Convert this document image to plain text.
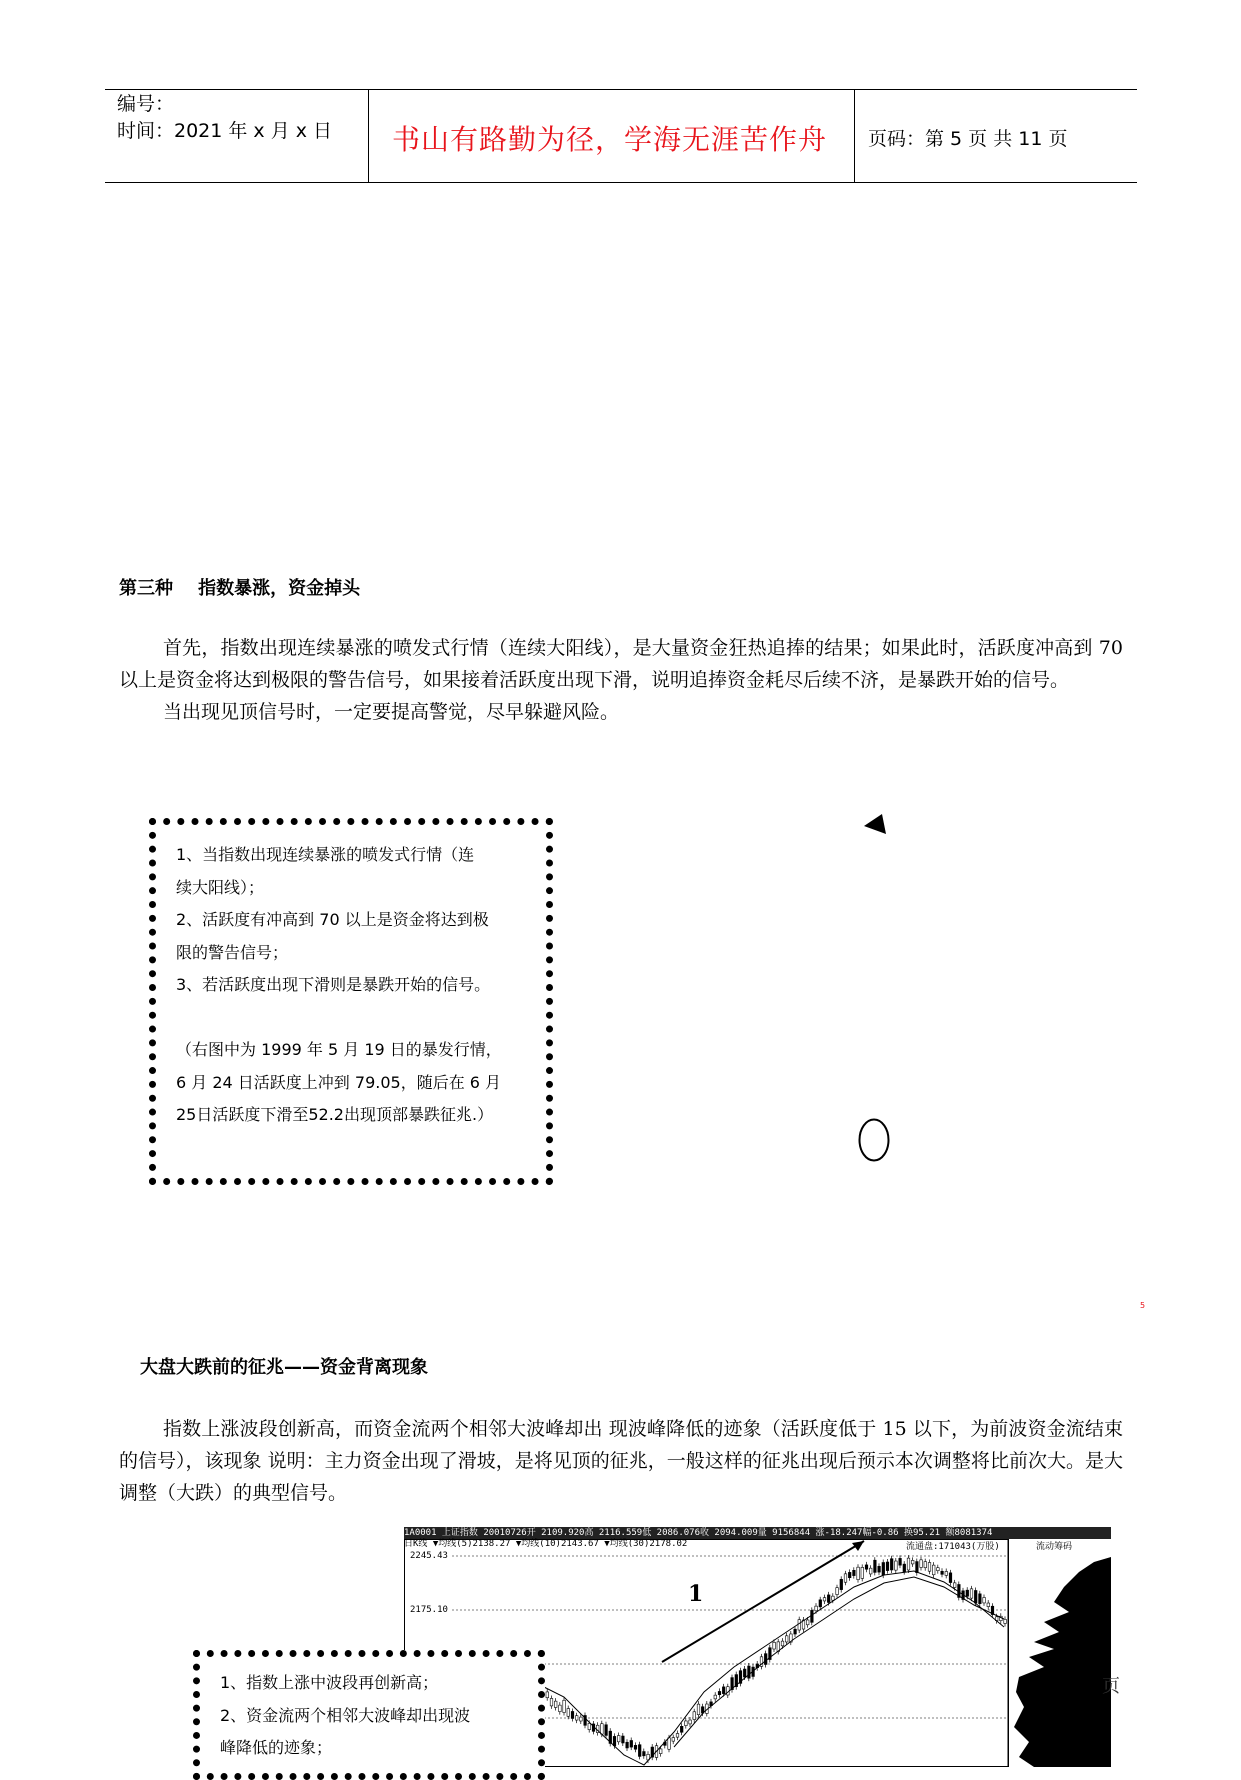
编号：
时间：2021 年 x 月 x 日 书山有路勤为径，学海无涯苦作舟 页码：第 5 页 共 11 页
第三种    指数暴涨，资金掉头

首先，指数出现连续暴涨的喷发式行情（连续大阳线），是大量资金狂热追捧的结果；如果此时，活跃度冲高到 70 以上是资金将达到极限的警告信号，如果接着活跃度出现下滑，说明追捧资金耗尽后续不济，是暴跌开始的信号。

当出现见顶信号时，一定要提高警觉，尽早躲避风险。

1、当指数出现连续暴涨的喷发式行情（连
续大阳线）；
2、活跃度有冲高到 70 以上是资金将达到极
限的警告信号；
3、若活跃度出现下滑则是暴跌开始的信号。

（右图中为 1999 年 5 月 19 日的暴发行情，
6 月 24 日活跃度上冲到 79.05，随后在 6 月
25日活跃度下滑至52.2出现顶部暴跌征兆.）
5
大盘大跌前的征兆——资金背离现象

指数上涨波段创新高，而资金流两个相邻大波峰却出 现波峰降低的迹象（活跃度低于 15 以下，为前波资金流结束的信号），该现象 说明：主力资金出现了滑坡，是将见顶的征兆，一般这样的征兆出现后预示本次调整将比前次大。是大调整（大跌）的典型信号。

1A0001 上证指数 20010726开 2109.920高 2116.559低 2086.076收 2094.009量 9156844 涨-18.247幅-0.86 换95.21 额8081374
日K线 ▼均线(5)2138.27 ▼均线(10)2143.67 ▼均线(30)2178.02	流通盘:171043(万股)	流动筹码
2245.43
2175.10
1
页
1、指数上涨中波段再创新高；
2、资金流两个相邻大波峰却出现波
峰降低的迹象；
